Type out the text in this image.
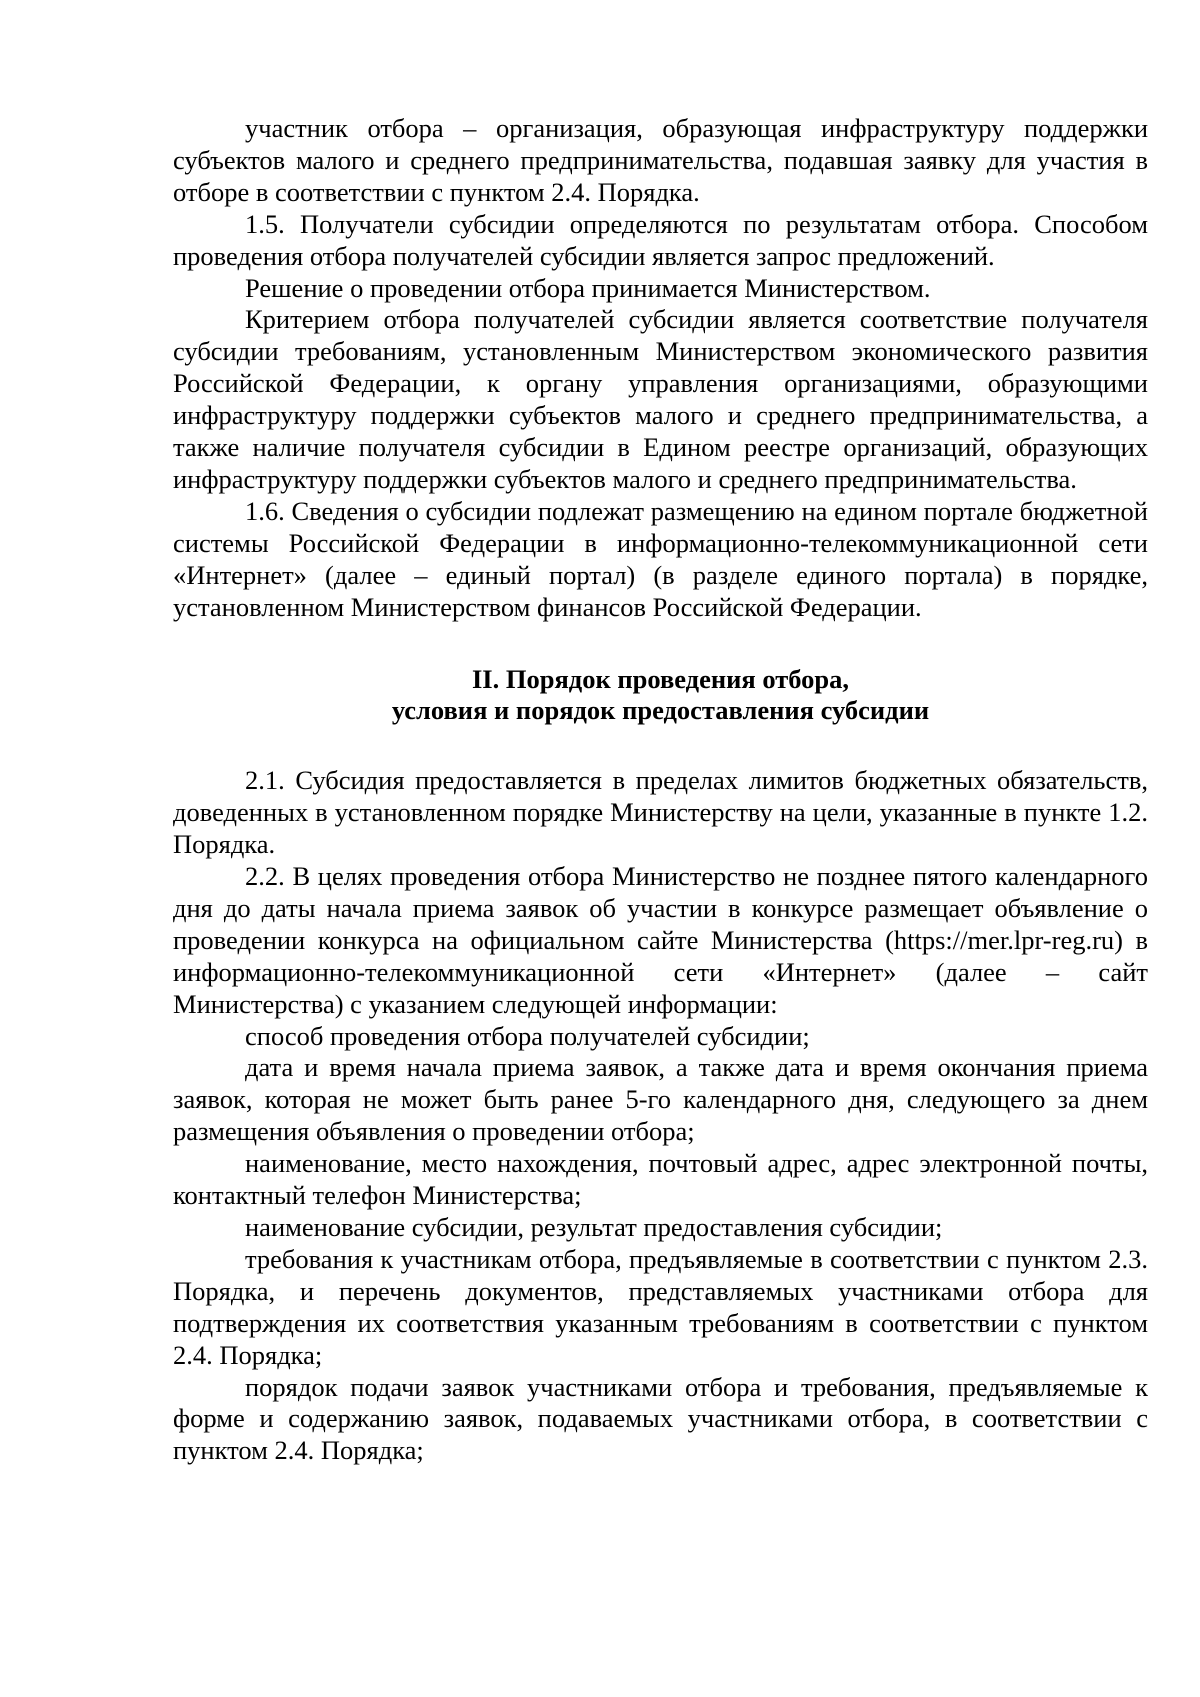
участник отбора – организация, образующая инфраструктуру поддержки субъектов малого и среднего предпринимательства, подавшая заявку для участия в отборе в соответствии с пунктом 2.4. Порядка.

1.5. Получатели субсидии определяются по результатам отбора. Способом проведения отбора получателей субсидии является запрос предложений.

Решение о проведении отбора принимается Министерством.

Критерием отбора получателей субсидии является соответствие получателя субсидии требованиям, установленным Министерством экономического развития Российской Федерации, к органу управления организациями, образующими инфраструктуру поддержки субъектов малого и среднего предпринимательства, а также наличие получателя субсидии в Едином реестре организаций, образующих инфраструктуру поддержки субъектов малого и среднего предпринимательства.

1.6. Сведения о субсидии подлежат размещению на едином портале бюджетной системы Российской Федерации в информационно-телекоммуникационной сети «Интернет» (далее – единый портал) (в разделе единого портала) в порядке, установленном Министерством финансов Российской Федерации.

II. Порядок проведения отбора,
условия и порядок предоставления субсидии

2.1. Субсидия предоставляется в пределах лимитов бюджетных обязательств, доведенных в установленном порядке Министерству на цели, указанные в пункте 1.2. Порядка.

2.2. В целях проведения отбора Министерство не позднее пятого календарного дня до даты начала приема заявок об участии в конкурсе размещает объявление о проведении конкурса на официальном сайте Министерства (https://mer.lpr-reg.ru) в информационно-телекоммуникационной сети «Интернет» (далее – сайт Министерства) с указанием следующей информации:

способ проведения отбора получателей субсидии;

дата и время начала приема заявок, а также дата и время окончания приема заявок, которая не может быть ранее 5-го календарного дня, следующего за днем размещения объявления о проведении отбора;

наименование, место нахождения, почтовый адрес, адрес электронной почты, контактный телефон Министерства;

наименование субсидии, результат предоставления субсидии;

требования к участникам отбора, предъявляемые в соответствии с пунктом 2.3. Порядка, и перечень документов, представляемых участниками отбора для подтверждения их соответствия указанным требованиям в соответствии с пунктом 2.4. Порядка;

порядок подачи заявок участниками отбора и требования, предъявляемые к форме и содержанию заявок, подаваемых участниками отбора, в соответствии с пунктом 2.4. Порядка;
